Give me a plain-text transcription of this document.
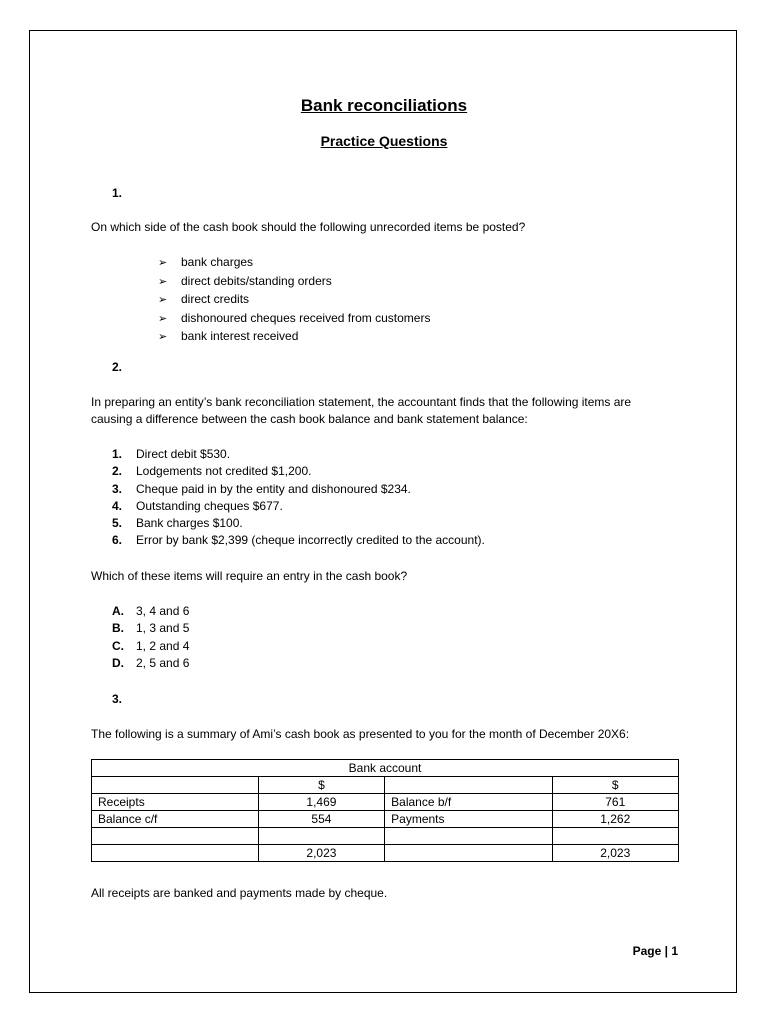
Bank reconciliations
Practice Questions
1.
On which side of the cash book should the following unrecorded items be posted?
➢ bank charges
➢ direct debits/standing orders
➢ direct credits
➢ dishonoured cheques received from customers
➢ bank interest received
2.
In preparing an entity’s bank reconciliation statement, the accountant finds that the following items are
causing a difference between the cash book balance and bank statement balance:
1. Direct debit $530.
2. Lodgements not credited $1,200.
3. Cheque paid in by the entity and dishonoured $234.
4. Outstanding cheques $677.
5. Bank charges $100.
6. Error by bank $2,399 (cheque incorrectly credited to the account).
Which of these items will require an entry in the cash book?
A. 3, 4 and 6
B. 1, 3 and 5
C. 1, 2 and 4
D. 2, 5 and 6
3.
The following is a summary of Ami’s cash book as presented to you for the month of December 20X6:
Bank account			
	$		$
Receipts	1,469	Balance b/f	761
Balance c/f	554	Payments	1,262

	2,023		2,023
All receipts are banked and payments made by cheque.
Page | 1
